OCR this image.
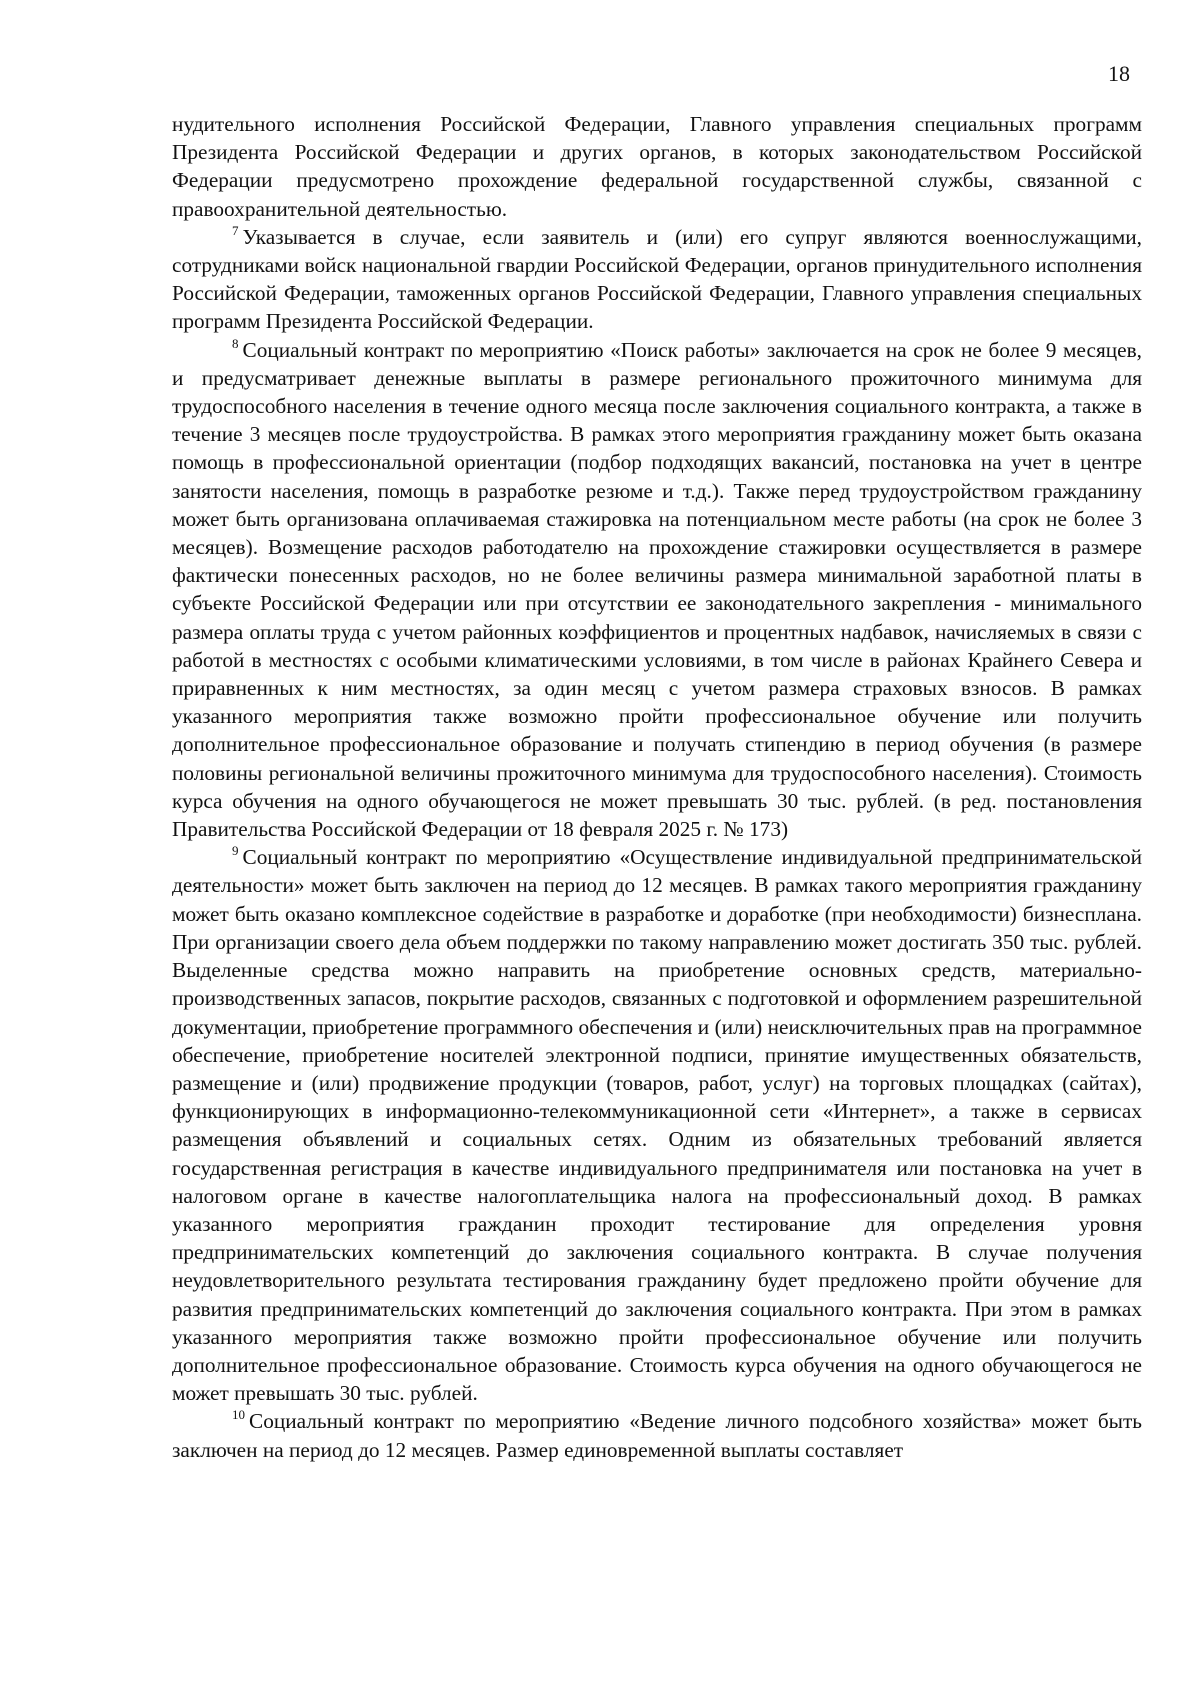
18

нудительного исполнения Российской Федерации, Главного управления специальных программ Президента Российской Федерации и других органов, в которых законодательством Российской Федерации предусмотрено прохождение федеральной государственной службы, связанной с правоохранительной деятельностью.

$^7$ Указывается в случае, если заявитель и (или) его супруг являются военнослужащими, сотрудниками войск национальной гвардии Российской Федерации, органов принудительного исполнения Российской Федерации, таможенных органов Российской Федерации, Главного управления специальных программ Президента Российской Федерации.

$^8$ Социальный контракт по мероприятию «Поиск работы» заключается на срок не более 9 месяцев, и предусматривает денежные выплаты в размере регионального прожиточного минимума для трудоспособного населения в течение одного месяца после заключения социального контракта, а также в течение 3 месяцев после трудоустройства. В рамках этого мероприятия гражданину может быть оказана помощь в профессиональной ориентации (подбор подходящих вакансий, постановка на учет в центре занятости населения, помощь в разработке резюме и т.д.). Также перед трудоустройством гражданину может быть организована оплачиваемая стажировка на потенциальном месте работы (на срок не более 3 месяцев). Возмещение расходов работодателю на прохождение стажировки осуществляется в размере фактически понесенных расходов, но не более величины размера минимальной заработной платы в субъекте Российской Федерации или при отсутствии ее законодательного закрепления - минимального размера оплаты труда с учетом районных коэффициентов и процентных надбавок, начисляемых в связи с работой в местностях с особыми климатическими условиями, в том числе в районах Крайнего Севера и приравненных к ним местностях, за один месяц с учетом размера страховых взносов. В рамках указанного мероприятия также возможно пройти профессиональное обучение или получить дополнительное профессиональное образование и получать стипендию в период обучения (в размере половины региональной величины прожиточного минимума для трудоспособного населения). Стоимость курса обучения на одного обучающегося не может превышать 30 тыс. рублей. (в ред. постановления Правительства Российской Федерации от 18 февраля 2025 г. № 173)

$^9$ Социальный контракт по мероприятию «Осуществление индивидуальной предпринимательской деятельности» может быть заключен на период до 12 месяцев. В рамках такого мероприятия гражданину может быть оказано комплексное содействие в разработке и доработке (при необходимости) бизнесплана. При организации своего дела объем поддержки по такому направлению может достигать 350 тыс. рублей. Выделенные средства можно направить на приобретение основных средств, материально-производственных запасов, покрытие расходов, связанных с подготовкой и оформлением разрешительной документации, приобретение программного обеспечения и (или) неисключительных прав на программное обеспечение, приобретение носителей электронной подписи, принятие имущественных обязательств, размещение и (или) продвижение продукции (товаров, работ, услуг) на торговых площадках (сайтах), функционирующих в информационно-телекоммуникационной сети «Интернет», а также в сервисах размещения объявлений и социальных сетях. Одним из обязательных требований является государственная регистрация в качестве индивидуального предпринимателя или постановка на учет в налоговом органе в качестве налогоплательщика налога на профессиональный доход. В рамках указанного мероприятия гражданин проходит тестирование для определения уровня предпринимательских компетенций до заключения социального контракта. В случае получения неудовлетворительного результата тестирования гражданину будет предложено пройти обучение для развития предпринимательских компетенций до заключения социального контракта. При этом в рамках указанного мероприятия также возможно пройти профессиональное обучение или получить дополнительное профессиональное образование. Стоимость курса обучения на одного обучающегося не может превышать 30 тыс. рублей.

$^{10}$ Социальный контракт по мероприятию «Ведение личного подсобного хозяйства» может быть заключен на период до 12 месяцев. Размер единовременной выплаты составляет
